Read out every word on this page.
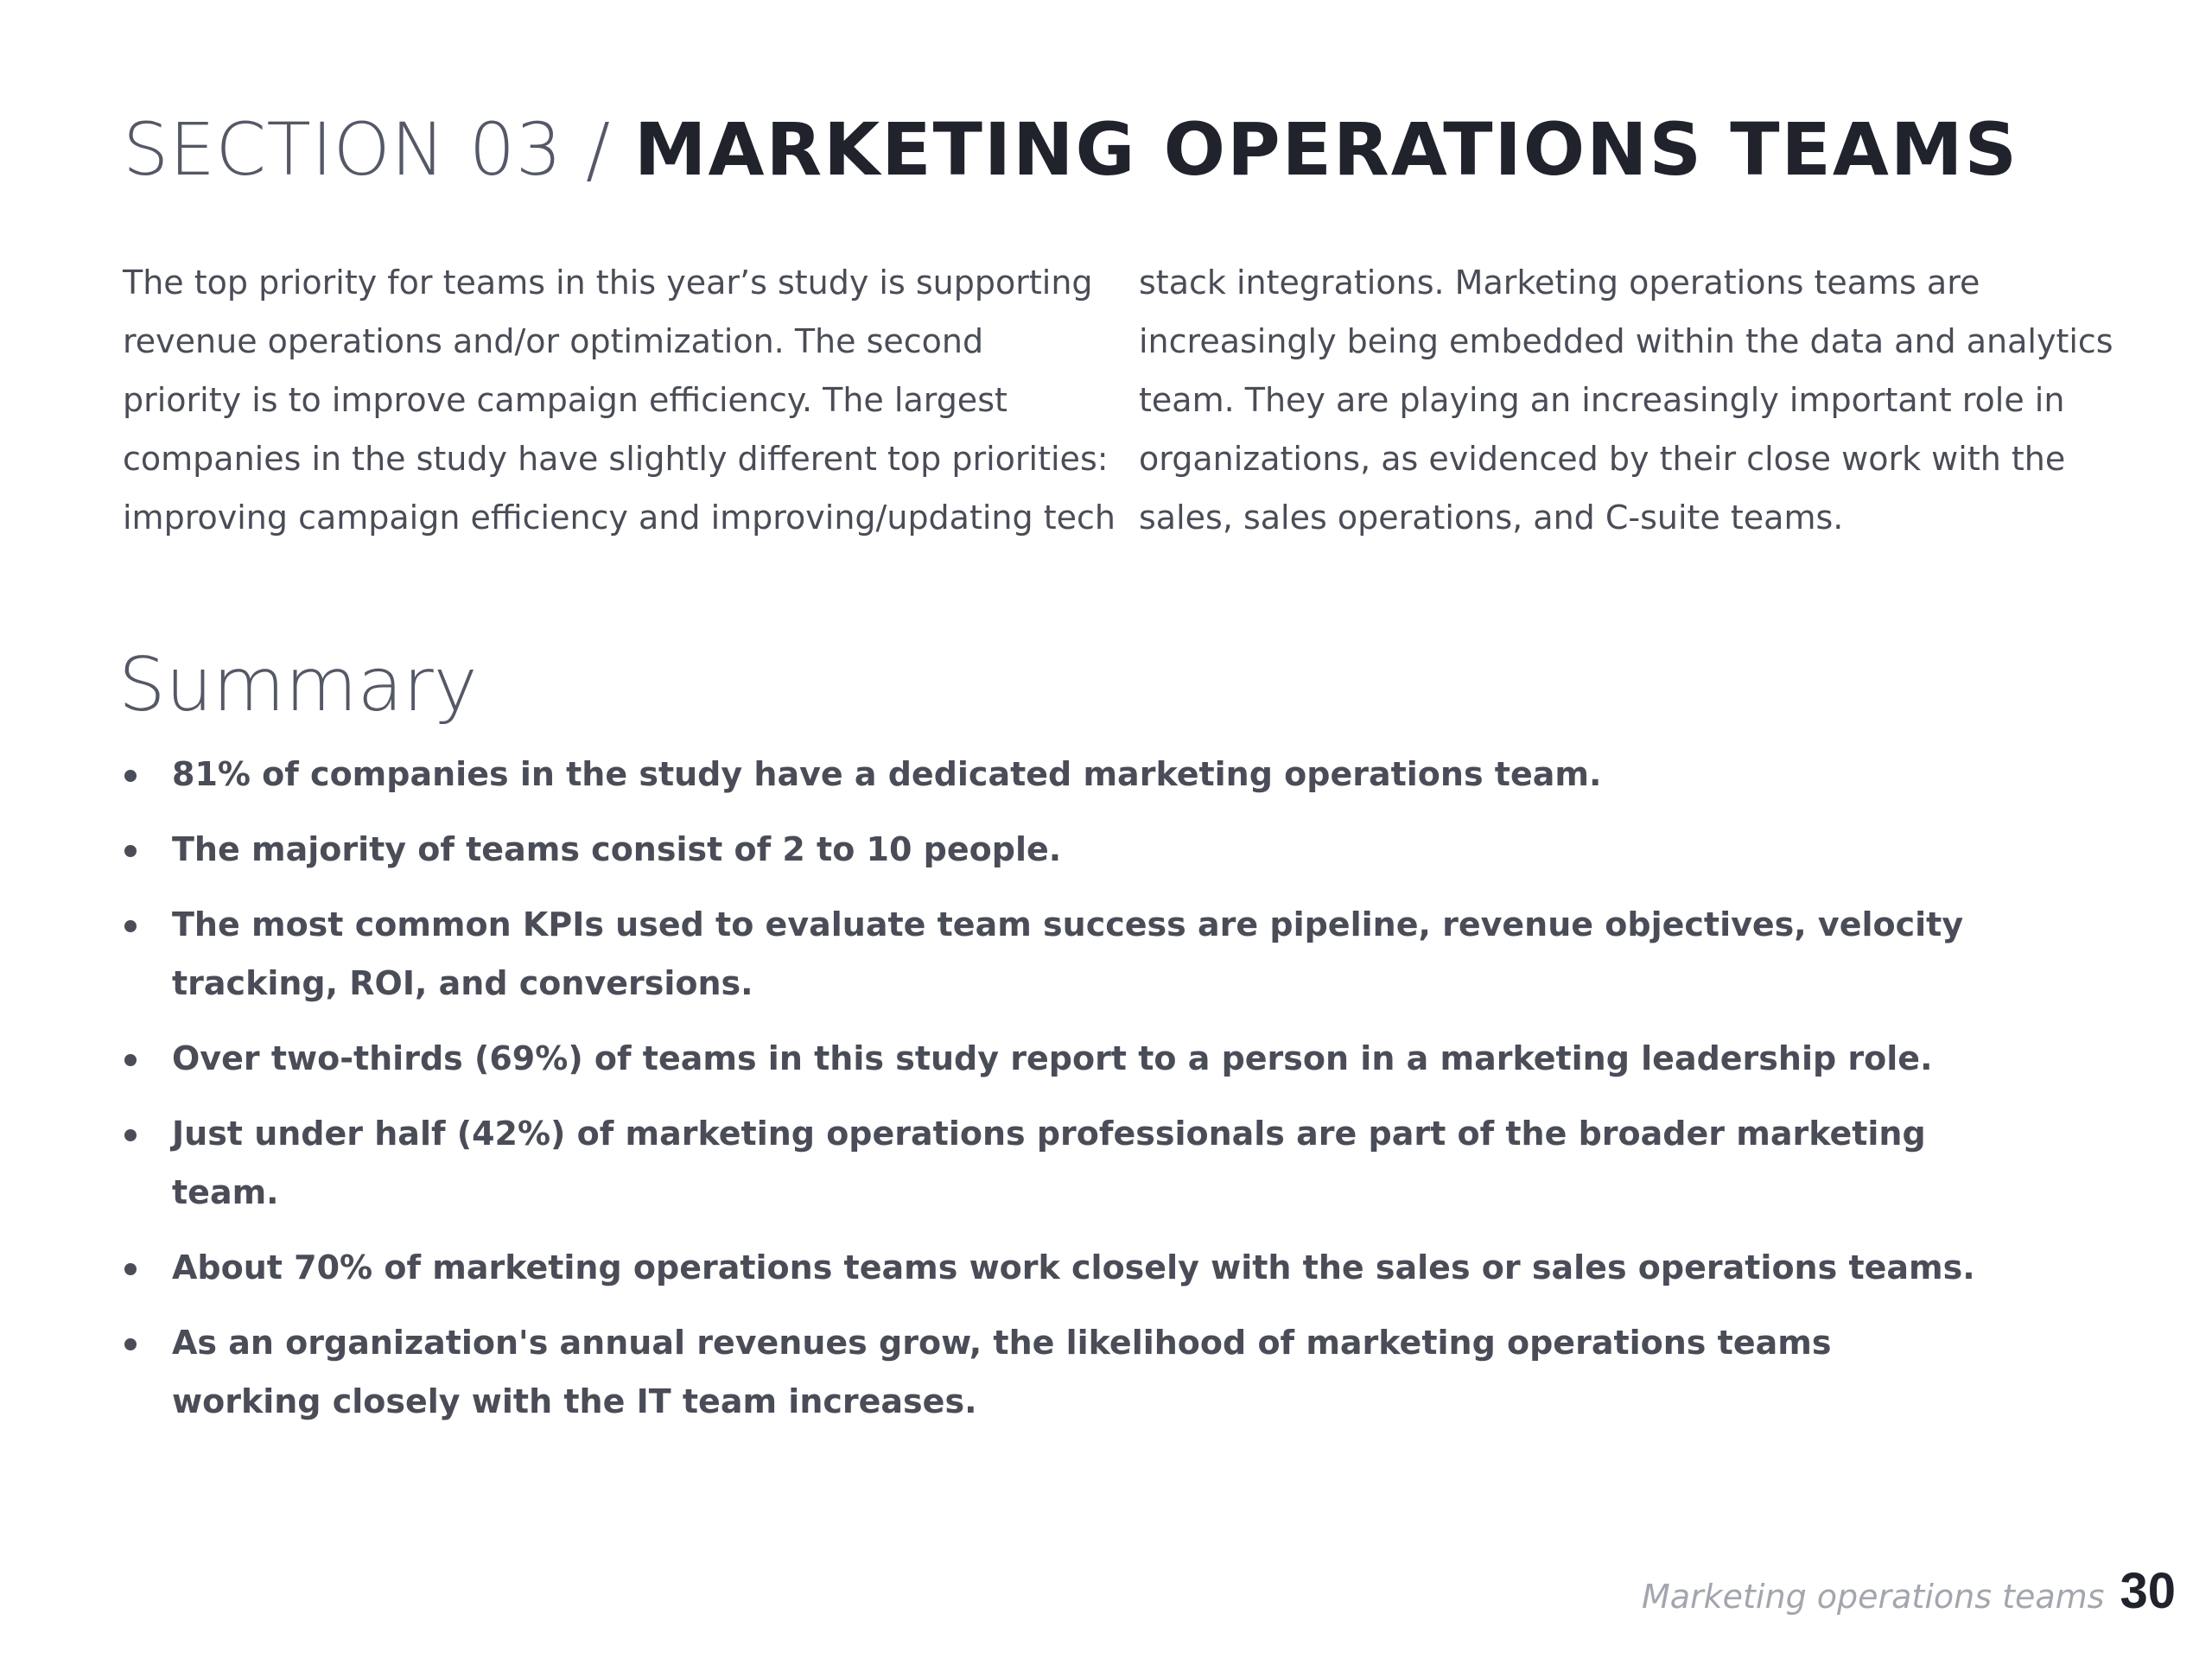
SECTION 03 / MARKETING OPERATIONS TEAMS

The top priority for teams in this year’s study is supporting
revenue operations and/or optimization. The second
priority is to improve campaign efficiency. The largest
companies in the study have slightly different top priorities:
improving campaign efficiency and improving/updating tech

stack integrations. Marketing operations teams are
increasingly being embedded within the data and analytics
team. They are playing an increasingly important role in
organizations, as evidenced by their close work with the
sales, sales operations, and C-suite teams.

Summary
81% of companies in the study have a dedicated marketing operations team.
The majority of teams consist of 2 to 10 people.
The most common KPIs used to evaluate team success are pipeline, revenue objectives, velocity
tracking, ROI, and conversions.
Over two-thirds (69%) of teams in this study report to a person in a marketing leadership role.
Just under half (42%) of marketing operations professionals are part of the broader marketing
team.
About 70% of marketing operations teams work closely with the sales or sales operations teams.
As an organization's annual revenues grow, the likelihood of marketing operations teams
working closely with the IT team increases.
Marketing operations teams 30
